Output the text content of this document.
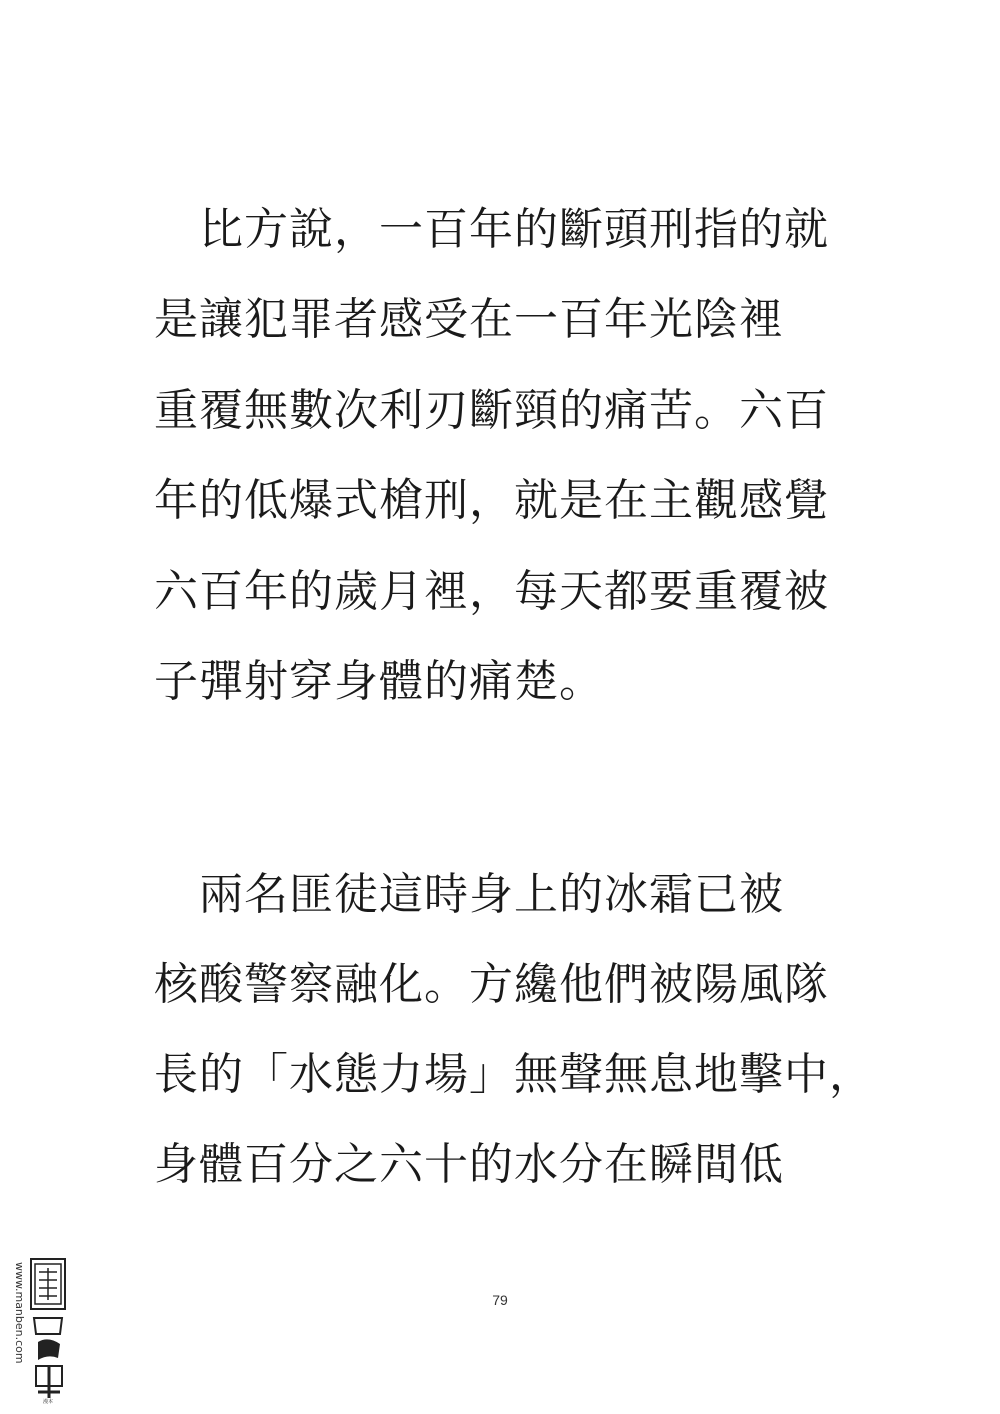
　比方說，一百年的斷頭刑指的就
是讓犯罪者感受在一百年光陰裡
重覆無數次利刃斷頸的痛苦。六百
年的低爆式槍刑，就是在主觀感覺
六百年的歲月裡，每天都要重覆被
子彈射穿身體的痛楚。
　兩名匪徒這時身上的冰霜已被
核酸警察融化。方纔他們被陽風隊
長的「水態力場」無聲無息地擊中，
身體百分之六十的水分在瞬間低
79
www.manben.com
漫本
